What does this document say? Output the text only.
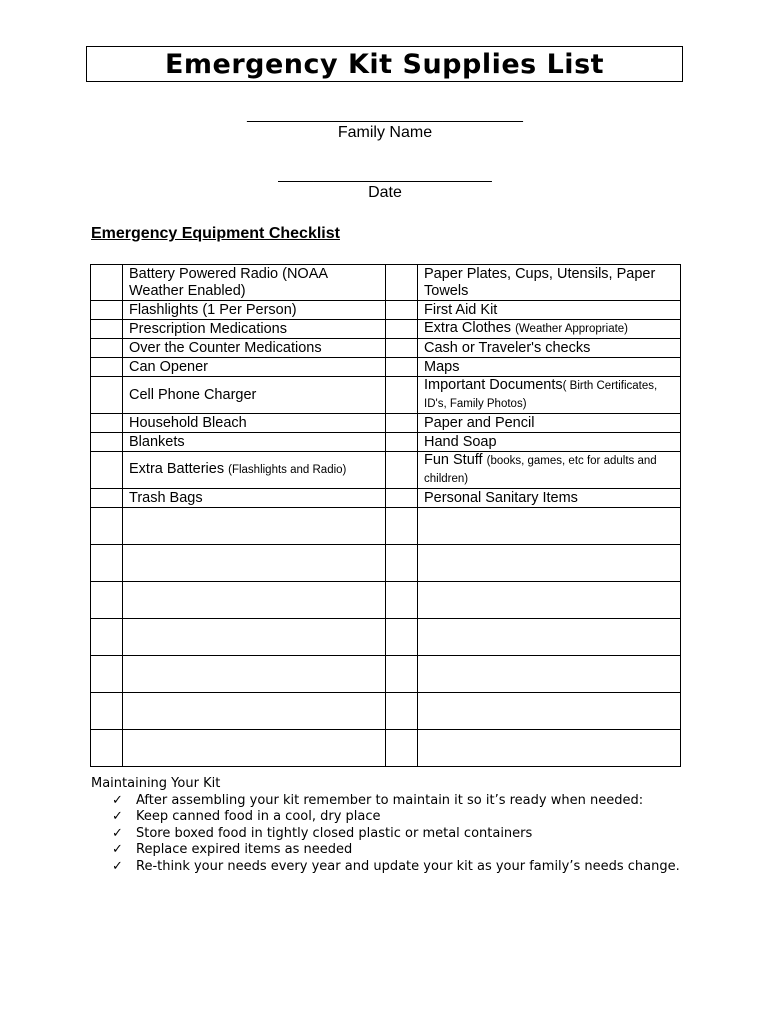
Emergency Kit Supplies List
_______________________________
Family Name
________________________
Date
Emergency Equipment Checklist
	Battery Powered Radio (NOAA Weather Enabled)		Paper Plates, Cups, Utensils, Paper Towels
	Flashlights (1 Per Person)		First Aid Kit
	Prescription Medications		Extra Clothes (Weather Appropriate)
	Over the Counter Medications		Cash or Traveler's checks
	Can Opener		Maps
	Cell Phone Charger		Important Documents( Birth Certificates, ID's, Family Photos)
	Household Bleach		Paper and Pencil
	Blankets		Hand Soap
	Extra Batteries (Flashlights and Radio)		Fun Stuff (books, games, etc for adults and children)
	Trash Bags		Personal Sanitary Items

Maintaining Your Kit
✓ After assembling your kit remember to maintain it so it’s ready when needed:
✓ Keep canned food in a cool, dry place
✓ Store boxed food in tightly closed plastic or metal containers
✓ Replace expired items as needed
✓ Re-think your needs every year and update your kit as your family’s needs change.
